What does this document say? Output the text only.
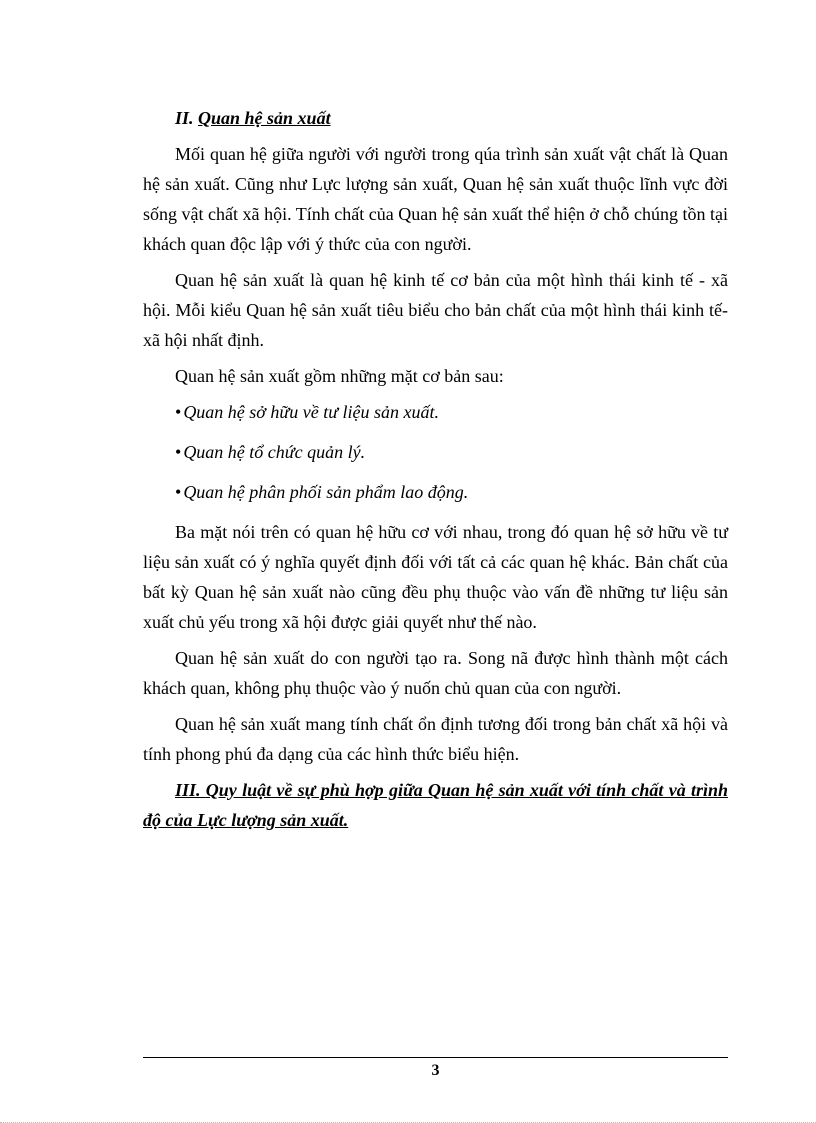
II. Quan hệ sản xuất

Mối quan hệ giữa người với người trong qúa trình sản xuất vật chất là Quan hệ sản xuất. Cũng như Lực lượng sản xuất, Quan hệ sản xuất thuộc lĩnh vực đời sống vật chất xã hội. Tính chất của Quan hệ sản xuất thể hiện ở chỗ chúng tồn tại khách quan độc lập với ý thức của con người.

Quan hệ sản xuất là quan hệ kinh tế cơ bản của một hình thái kinh tế - xã hội. Mỗi kiểu Quan hệ sản xuất tiêu biểu cho bản chất của một hình thái kinh tế- xã hội nhất định.

Quan hệ sản xuất gồm những mặt cơ bản sau:

• Quan hệ sở hữu về tư liệu sản xuất.

• Quan hệ tổ chức quản lý.

• Quan hệ phân phối sản phẩm lao động.

Ba mặt nói trên có quan hệ hữu cơ với nhau, trong đó quan hệ sở hữu về tư liệu sản xuất có ý nghĩa quyết định đối với tất cả các quan hệ khác. Bản chất của bất kỳ Quan hệ sản xuất nào cũng đều phụ thuộc vào vấn đề những tư liệu sản xuất chủ yếu trong xã hội được giải quyết như thế nào.

Quan hệ sản xuất do con người tạo ra. Song nã được hình thành một cách khách quan, không phụ thuộc vào ý nuốn chủ quan của con người.

Quan hệ sản xuất mang tính chất ổn định tương đối trong bản chất xã hội và tính phong phú đa dạng của các hình thức biểu hiện.

III. Quy luật về sự phù hợp giữa Quan hệ sản xuất với tính chất và trình độ của Lực lượng sản xuất.

3
